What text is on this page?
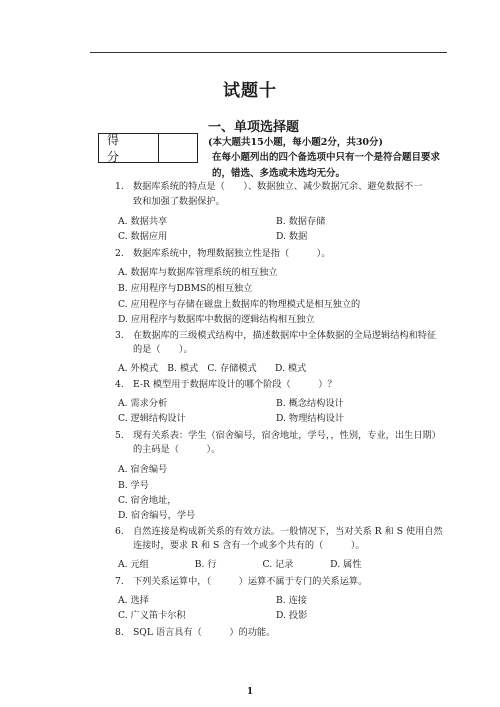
试题十
得 分
一、单项选择题
(本大题共15小题，每小题2分，共30分)
在每小题列出的四个备选项中只有一个是符合题目要求的，错选、多选或未选均无分。
1. 数据库系统的特点是（　　）、数据独立、减少数据冗余、避免数据不一
致和加强了数据保护。
A. 数据共享	B. 数据存储
C. 数据应用	D. 数据
2. 数据库系统中，物理数据独立性是指（　　　）。
A. 数据库与数据库管理系统的相互独立
B. 应用程序与DBMS的相互独立
C. 应用程序与存储在磁盘上数据库的物理模式是相互独立的
D. 应用程序与数据库中数据的逻辑结构相互独立
3. 在数据库的三级模式结构中，描述数据库中全体数据的全局逻辑结构和特征
的是（　　）。
A. 外模式　B. 模式　C. 存储模式　　D. 模式
4. E-R 模型用于数据库设计的哪个阶段（　　　）？
A. 需求分析	B. 概念结构设计
C. 逻辑结构设计	D. 物理结构设计
5. 现有关系表：学生（宿舍编号，宿舍地址，学号，，性别，专业，出生日期）
的主码是（　　　）。
A. 宿舍编号
B. 学号
C. 宿舍地址，
D. 宿舍编号，学号
6. 自然连接是构成新关系的有效方法。一般情况下，当对关系 R 和 S 使用自然
连接时，要求 R 和 S 含有一个或多个共有的（　　　）。
A. 元组　　　　　B. 行　　　　　C. 记录　　　　D. 属性
7. 下列关系运算中，（　　　）运算不属于专门的关系运算。
A. 选择	B. 连接
C. 广义笛卡尔积	D. 投影
8. SQL 语言具有（　　　）的功能。
1
